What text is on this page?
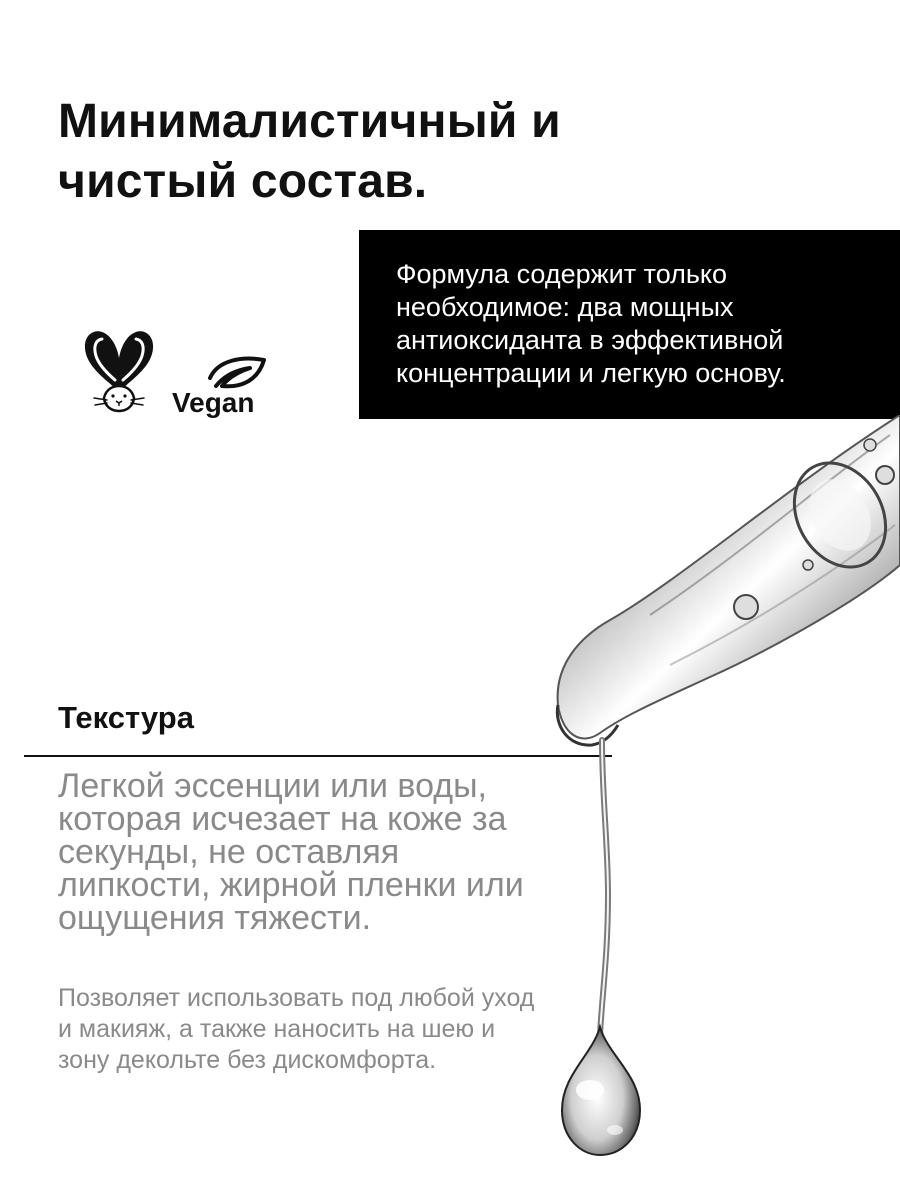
Минималистичный и
чистый состав.

Формула содержит только необходимое: два мощных антиоксиданта в эффективной концентрации и легкую основу.

Vegan
Текстура

Легкой эссенции или воды, которая исчезает на коже за секунды, не оставляя липкости, жирной пленки или ощущения тяжести.

Позволяет использовать под любой уход и макияж, а также наносить на шею и зону декольте без дискомфорта.
